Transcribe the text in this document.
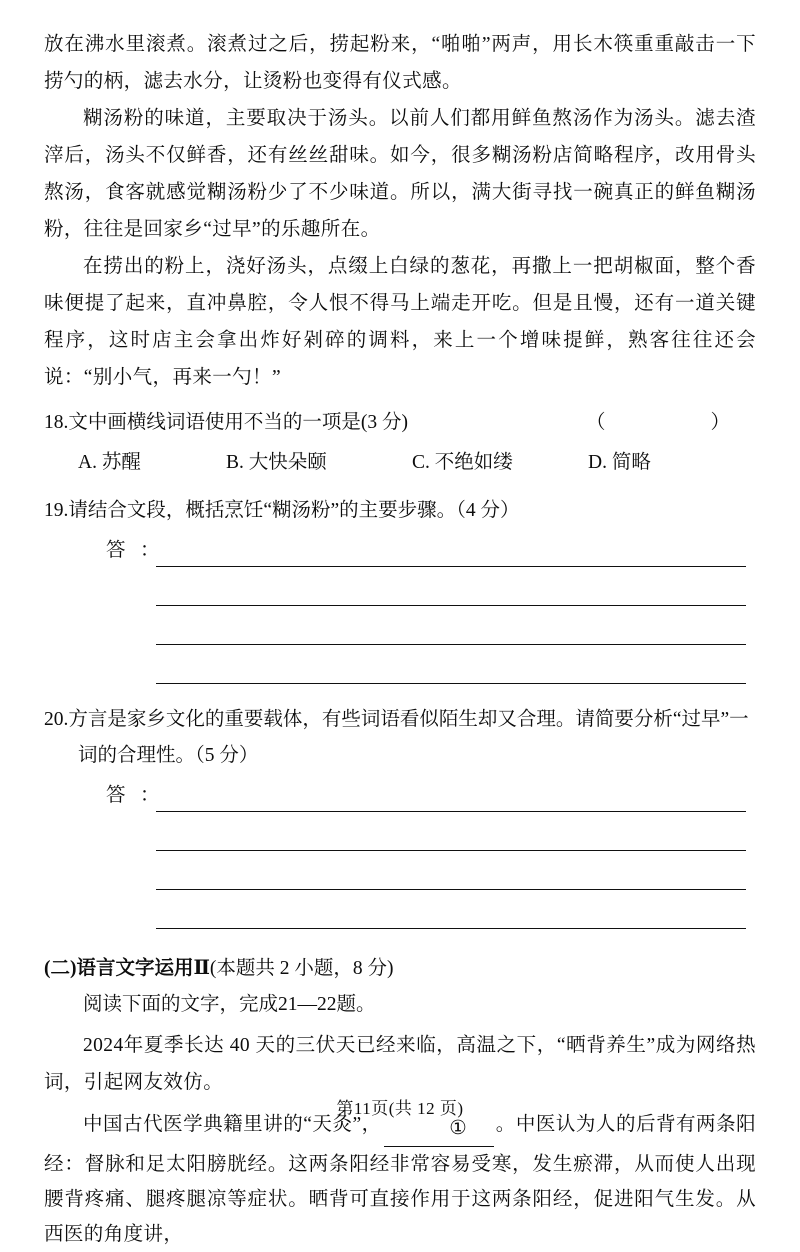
放在沸水里滚煮。滚煮过之后，捞起粉来，“啪啪”两声，用长木筷重重敲击一下捞勺的柄，滤去水分，让烫粉也变得有仪式感。

糊汤粉的味道，主要取决于汤头。以前人们都用鲜鱼熬汤作为汤头。滤去渣滓后，汤头不仅鲜香，还有丝丝甜味。如今，很多糊汤粉店简略程序，改用骨头熬汤，食客就感觉糊汤粉少了不少味道。所以，满大街寻找一碗真正的鲜鱼糊汤粉，往往是回家乡“过早”的乐趣所在。

在捞出的粉上，浇好汤头，点缀上白绿的葱花，再撒上一把胡椒面，整个香味便提了起来，直冲鼻腔，令人恨不得马上端走开吃。但是且慢，还有一道关键程序，这时店主会拿出炸好剁碎的调料，来上一个增味提鲜，熟客往往还会说：“别小气，再来一勺！”

18.文中画横线词语使用不当的一项是(3 分)	（　　）
A. 苏醒	B. 大快朵颐	C. 不绝如缕	D. 简略
19.请结合文段，概括烹饪“糊汤粉”的主要步骤。（4 分）
答 ：
20.方言是家乡文化的重要载体，有些词语看似陌生却又合理。请简要分析“过早”一
词的合理性。（5 分）
答 ：
(二)语言文字运用Ⅱ(本题共 2 小题，8 分)

阅读下面的文字，完成21—22题。

2024年夏季长达 40 天的三伏天已经来临，高温之下，“晒背养生”成为网络热词，引起网友效仿。

中国古代医学典籍里讲的“天灸”，	① 。中医认为人的后背有两条阳经：督脉和足太阳膀胱经。这两条阳经非常容易受寒，发生瘀滞，从而使人出现腰背疼痛、腿疼腿凉等症状。晒背可直接作用于这两条阳经，促进阳气生发。从西医的角度讲，

第11页(共 12 页)
